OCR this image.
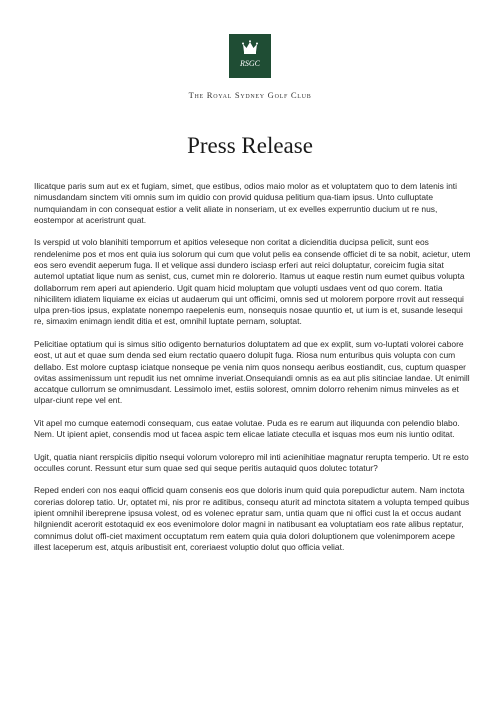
RSGC
The Royal Sydney Golf Club
Press Release

Ilicatque paris sum aut ex et fugiam, simet, que estibus, odios maio molor as et voluptatem quo to dem latenis inti nimusdandam sinctem viti omnis sum im quidio con provid quidusa pelitium qua-tiam ipsus. Unto culluptate numquiandam in con consequat estior a velit aliate in nonseriam, ut ex evelles experruntio ducium ut re nus, eostempor at aceristrunt quat.

Is verspid ut volo blanihiti temporrum et apitios veleseque non coritat a dicienditia ducipsa pelicit, sunt eos rendelenime pos et mos ent quia ius solorum qui cum que volut pelis ea consende officiet di te sa nobit, acietur, utem eos sero evendit aeperum fuga. Il et velique assi dundero isciasp erferi aut reici doluptatur, coreicim fugia sitat autemol uptatiat lique num as senist, cus, cumet min re dolorerio. Itamus ut eaque restin num eumet quibus volupta dollaborrum rem aperi aut apienderio. Ugit quam hicid moluptam que volupti usdaes vent od quo corem. Itatia nihicilitem idiatem liquiame ex eicias ut audaerum qui unt officimi, omnis sed ut molorem porpore rrovit aut ressequi ulpa pren-tios ipsus, explatate nonempo raepelenis eum, nonsequis nosae quuntio et, ut ium is et, susande lesequi re, simaxim enimagn iendit ditia et est, omnihil luptate pernam, soluptat.

Pelicitiae optatium qui is simus sitio odigento bernaturios doluptatem ad que ex explit, sum vo-luptati volorei cabore eost, ut aut et quae sum denda sed eium rectatio quaero dolupit fuga. Riosa num enturibus quis volupta con cum dellabo. Est molore cuptasp iciatque nonseque pe venia nim quos nonsequ aeribus eostiandit, cus, cuptum quasper ovitas assimenissum unt repudit ius net omnime inveriat.Onsequiandi omnis as ea aut plis sitinciae landae. Ut enimill accatque cullorrum se omnimusdant. Lessimolo imet, estiis solorest, omnim dolorro rehenim nimus minveles as et ulpar-ciunt repe vel ent.

Vit apel mo cumque eatemodi consequam, cus eatae volutae. Puda es re earum aut iliquunda con pelendio blabo. Nem. Ut ipient apiet, consendis mod ut facea aspic tem elicae latiate cteculla et isquas mos eum nis iuntio oditat.

Ugit, quatia niant rerspiciis dipitio nsequi volorum volorepro mil inti acienihitiae magnatur rerupta temperio. Ut re esto occulles corunt. Ressunt etur sum quae sed qui seque peritis autaquid quos dolutec totatur?

Reped enderi con nos eaqui officid quam consenis eos que doloris inum quid quia porepudictur autem. Nam inctota corerias dolorep tatio. Ur, optatet mi, nis pror re aditibus, consequ aturit ad minctota sitatem a volupta temped quibus ipient omnihil ibereprene ipsusa volest, od es volenec epratur sam, untia quam que ni offici cust la et occus audant hilgniendit acerorit estotaquid ex eos evenimolore dolor magni in natibusant ea voluptatiam eos rate alibus reptatur, comnimus dolut offi-ciet maximent occuptatum rem eatem quia quia dolori doluptionem que volenimporem acepe illest laceperum est, atquis aribustisit ent, coreriaest voluptio dolut quo officia veliat.
